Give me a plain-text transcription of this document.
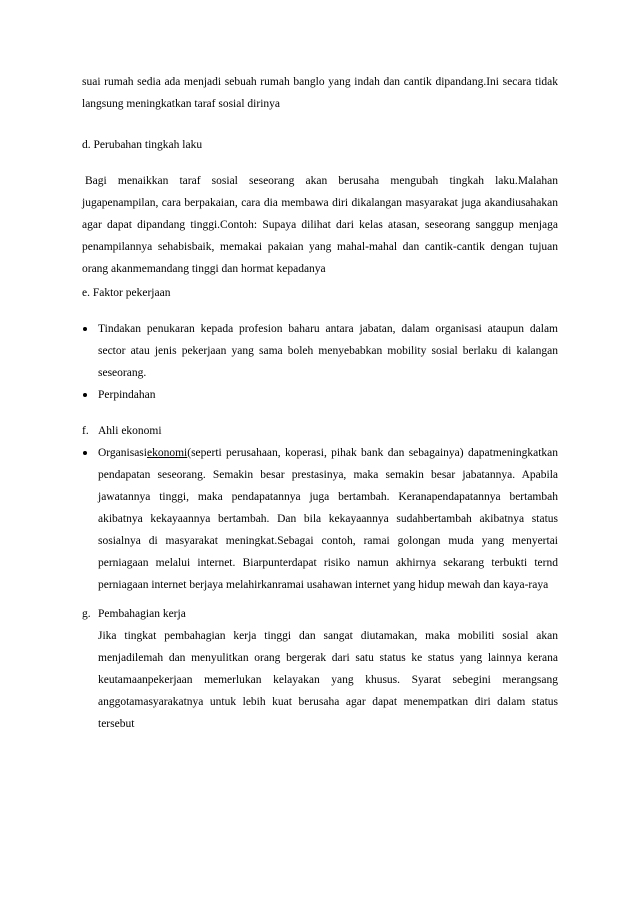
suai rumah sedia ada menjadi sebuah rumah banglo yang indah dan cantik dipandang.Ini secara tidak
langsung meningkatkan taraf sosial dirinya
d. Perubahan tingkah laku
Bagi menaikkan taraf sosial seseorang akan berusaha mengubah tingkah laku.Malahan
jugapenampilan, cara berpakaian, cara dia membawa diri dikalangan masyarakat juga akandiusahakan
agar dapat dipandang tinggi.Contoh: Supaya dilihat dari kelas atasan, seseorang sanggup menjaga
penampilannya sehabisbaik, memakai pakaian yang mahal-mahal dan cantik-cantik dengan tujuan
orang akanmemandang tinggi dan hormat kepadanya
e. Faktor pekerjaan
Tindakan penukaran kepada profesion baharu antara jabatan, dalam organisasi ataupun dalam
sector atau jenis pekerjaan yang sama boleh menyebabkan mobility sosial berlaku di kalangan
seseorang.
Perpindahan
f. Ahli ekonomi
Organisasiekonomi(seperti perusahaan, koperasi, pihak bank dan sebagainya) dapatmeningkatkan
pendapatan seseorang. Semakin besar prestasinya, maka semakin besar jabatannya. Apabila
jawatannya tinggi, maka pendapatannya juga bertambah. Keranapendapatannya bertambah
akibatnya kekayaannya bertambah. Dan bila kekayaannya sudahbertambah akibatnya status
sosialnya di masyarakat meningkat.Sebagai contoh, ramai golongan muda yang menyertai
perniagaan melalui internet. Biarpunterdapat risiko namun akhirnya sekarang terbukti ternd
perniagaan internet berjaya melahirkanramai usahawan internet yang hidup mewah dan kaya-raya
g. Pembahagian kerja
Jika tingkat pembahagian kerja tinggi dan sangat diutamakan, maka mobiliti sosial akan
menjadilemah dan menyulitkan orang bergerak dari satu status ke status yang lainnya kerana
keutamaanpekerjaan memerlukan kelayakan yang khusus. Syarat sebegini merangsang
anggotamasyarakatnya untuk lebih kuat berusaha agar dapat menempatkan diri dalam status
tersebut
